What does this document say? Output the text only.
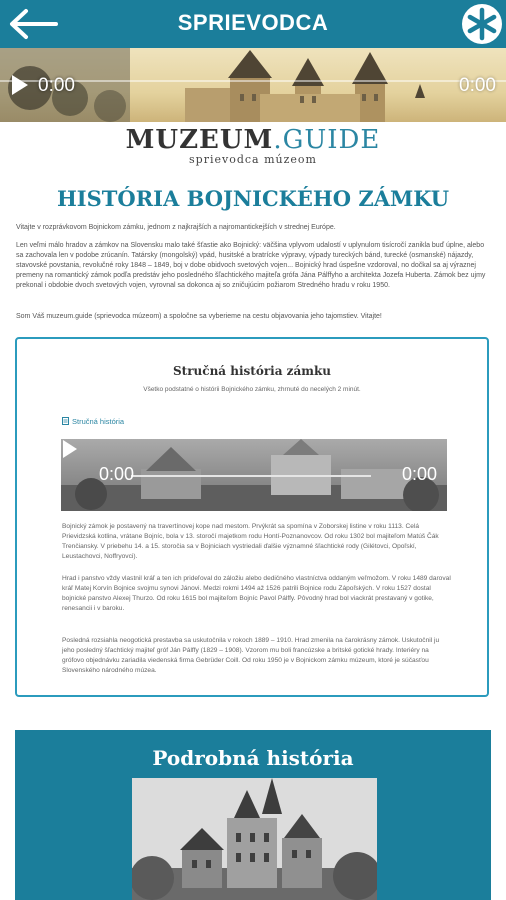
SPRIEVODCA
0:00	0:00
MUZEUM.GUIDE
sprievodca múzeom
HISTÓRIA BOJNICKÉHO ZÁMKU

Vitajte v rozprávkovom Bojnickom zámku, jednom z najkrajších a najromantickejších v strednej Európe.

Len veľmi málo hradov a zámkov na Slovensku malo také šťastie ako Bojnický: väčšina vplyvom udalostí v uplynulom tisícročí zanikla buď úplne, alebo sa zachovala len v podobe zrúcanín. Tatársky (mongolský) vpád, husitské a bratrícke výpravy, výpady tureckých bánd, turecké (osmanské) nájazdy, stavovské povstania, revolučné roky 1848 – 1849, boj v dobe obidvoch svetových vojen... Bojnický hrad úspešne vzdoroval, no dočkal sa aj výraznej premeny na romantický zámok podľa predstáv jeho posledného šľachtického majiteľa grófa Jána Pálffyho a architekta Jozefa Huberta. Zámok bez ujmy prekonal i obdobie dvoch svetových vojen, vyrovnal sa dokonca aj so zničujúcim požiarom Stredného hradu v roku 1950.

Som Váš muzeum.guide (sprievodca múzeom) a spoločne sa vyberieme na cestu objavovania jeho tajomstiev. Vitajte!

Stručná história zámku
Všetko podstatné o histórii Bojnického zámku, zhrnuté do necelých 2 minút.
Stručná história
0:00	0:00

Bojnický zámok je postavený na travertínovej kope nad mestom. Prvýkrát sa spomína v Zoborskej listine v roku 1113. Celá Prievidzská kotlina, vrátane Bojníc, bola v 13. storočí majetkom rodu Hontí-Poznanovcov. Od roku 1302 bol majiteľom Matúš Čák Trenčiansky. V priebehu 14. a 15. storočia sa v Bojniciach vystriedali ďalšie významné šľachtické rody (Gilétovci, Opoľskí, Leustachovci, Noffryovci).

Hrad i panstvo vždy vlastnil kráľ a ten ich prideľoval do záložiu alebo dedičného vlastníctva oddaným veľmožom. V roku 1489 daroval kráľ Matej Korvín Bojnice svojmu synovi Jánovi. Medzi rokmi 1494 až 1526 patrili Bojnice rodu Zápoľských. V roku 1527 dostal bojnické panstvo Alexej Thurzo. Od roku 1615 bol majiteľom Bojníc Pavol Pálffy. Pôvodný hrad bol viackrát prestavaný v gotike, renesancii i v baroku.

Posledná rozsiahla neogotická prestavba sa uskutočnila v rokoch 1889 – 1910. Hrad zmenila na čarokrásny zámok. Uskutočnil ju jeho posledný šľachtický majiteľ gróf Ján Pálffy (1829 – 1908). Vzorom mu boli francúzske a britské gotické hrady. Interiéry na grófovo objednávku zariadila viedenská firma Gebrüder Coill. Od roku 1950 je v Bojnickom zámku múzeum, ktoré je súčasťou Slovenského národného múzea.

Podrobná história
